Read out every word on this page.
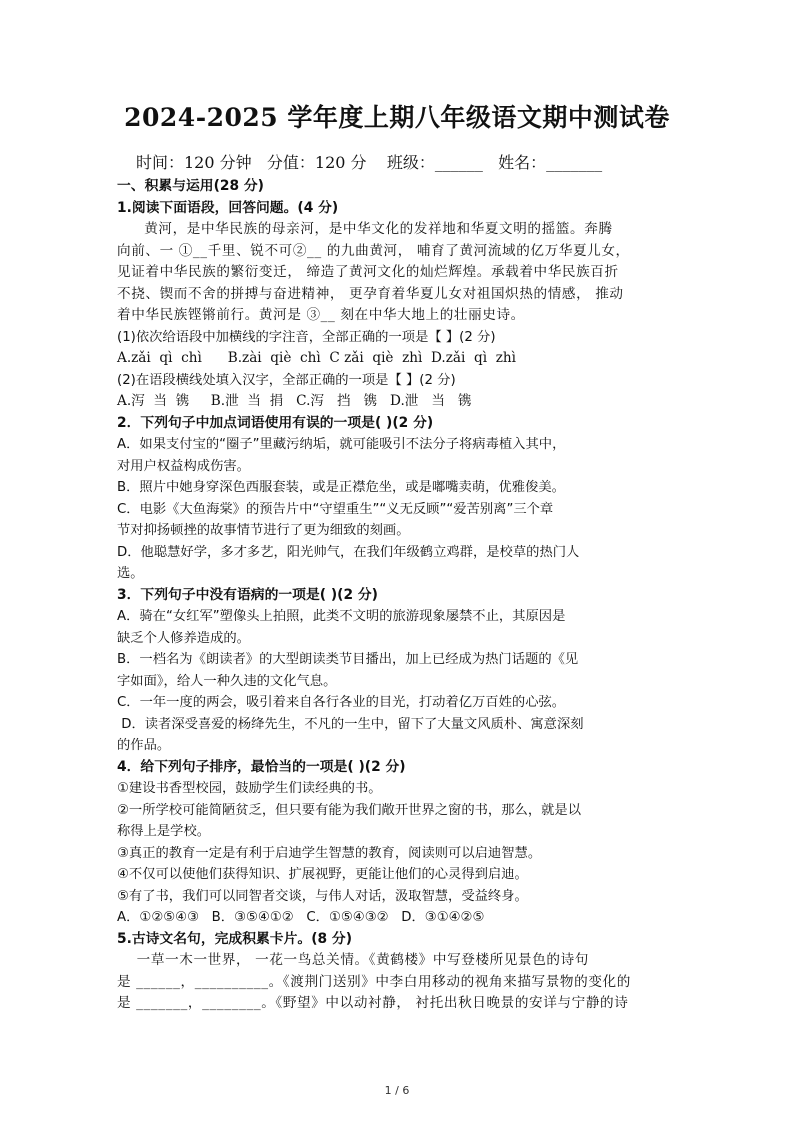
2024-2025 学年度上期八年级语文期中测试卷
时间：120 分钟   分值：120 分    班级：______   姓名：_______

一、积累与运用(28 分)

1.阅读下面语段，回答问题。(4 分)

黄河，是中华民族的母亲河，是中华文化的发祥地和华夏文明的摇篮。奔腾

向前、一 ①__千里、锐不可②__ 的九曲黄河， 哺育了黄河流域的亿万华夏儿女，

见证着中华民族的繁衍变迁， 缔造了黄河文化的灿烂辉煌。承载着中华民族百折

不挠、锲而不舍的拼搏与奋进精神， 更孕育着华夏儿女对祖国炽热的情感， 推动

着中华民族铿锵前行。黄河是 ③__ 刻在中华大地上的壮丽史诗。

(1)依次给语段中加横线的字注音，全部正确的一项是【 】(2 分)

A.zǎi  qì  chì      B.zài  qiè  chì  C zǎi  qiè  zhì  D.zǎi  qì  zhì

(2)在语段横线处填入汉字，全部正确的一项是【 】(2 分)

A.泻  当  镌     B.泄  当  捐   C.泻   挡   镌   D.泄   当   镌

2．下列句子中加点词语使用有误的一项是( )(2 分)

A．如果支付宝的“圈子”里藏污纳垢，就可能吸引不法分子将病毒植入其中，

对用户权益构成伤害。

B．照片中她身穿深色西服套装，或是正襟危坐，或是嘟嘴卖萌，优雅俊美。

C．电影《大鱼海棠》的预告片中“守望重生”“义无反顾”“爱苦别离”三个章

节对抑扬顿挫的故事情节进行了更为细致的刻画。

D．他聪慧好学，多才多艺，阳光帅气，在我们年级鹤立鸡群，是校草的热门人

选。

3．下列句子中没有语病的一项是( )(2 分)

A．骑在“女红军”塑像头上拍照，此类不文明的旅游现象屡禁不止，其原因是

缺乏个人修养造成的。

B．一档名为《朗读者》的大型朗读类节目播出，加上已经成为热门话题的《见

字如面》，给人一种久违的文化气息。

C．一年一度的两会，吸引着来自各行各业的目光，打动着亿万百姓的心弦。

D．读者深受喜爱的杨绛先生，不凡的一生中，留下了大量文风质朴、寓意深刻

的作品。

4．给下列句子排序，最恰当的一项是( )(2 分)

①建设书香型校园，鼓励学生们读经典的书。

②一所学校可能简陋贫乏，但只要有能为我们敞开世界之窗的书，那么，就是以

称得上是学校。

③真正的教育一定是有利于启迪学生智慧的教育，阅读则可以启迪智慧。

④不仅可以使他们获得知识、扩展视野，更能让他们的心灵得到启迪。

⑤有了书，我们可以同智者交谈，与伟人对话，汲取智慧，受益终身。

A．①②⑤④③   B．③⑤④①②   C．①⑤④③②   D．③①④②⑤

5.古诗文名句，完成积累卡片。(8 分)

一草一木一世界， 一花一鸟总关情。《黄鹤楼》中写登楼所见景色的诗句

是 ______，__________。《渡荆门送别》中李白用移动的视角来描写景物的变化的

是 _______，________。《野望》中以动衬静， 衬托出秋日晚景的安详与宁静的诗

1 / 6
